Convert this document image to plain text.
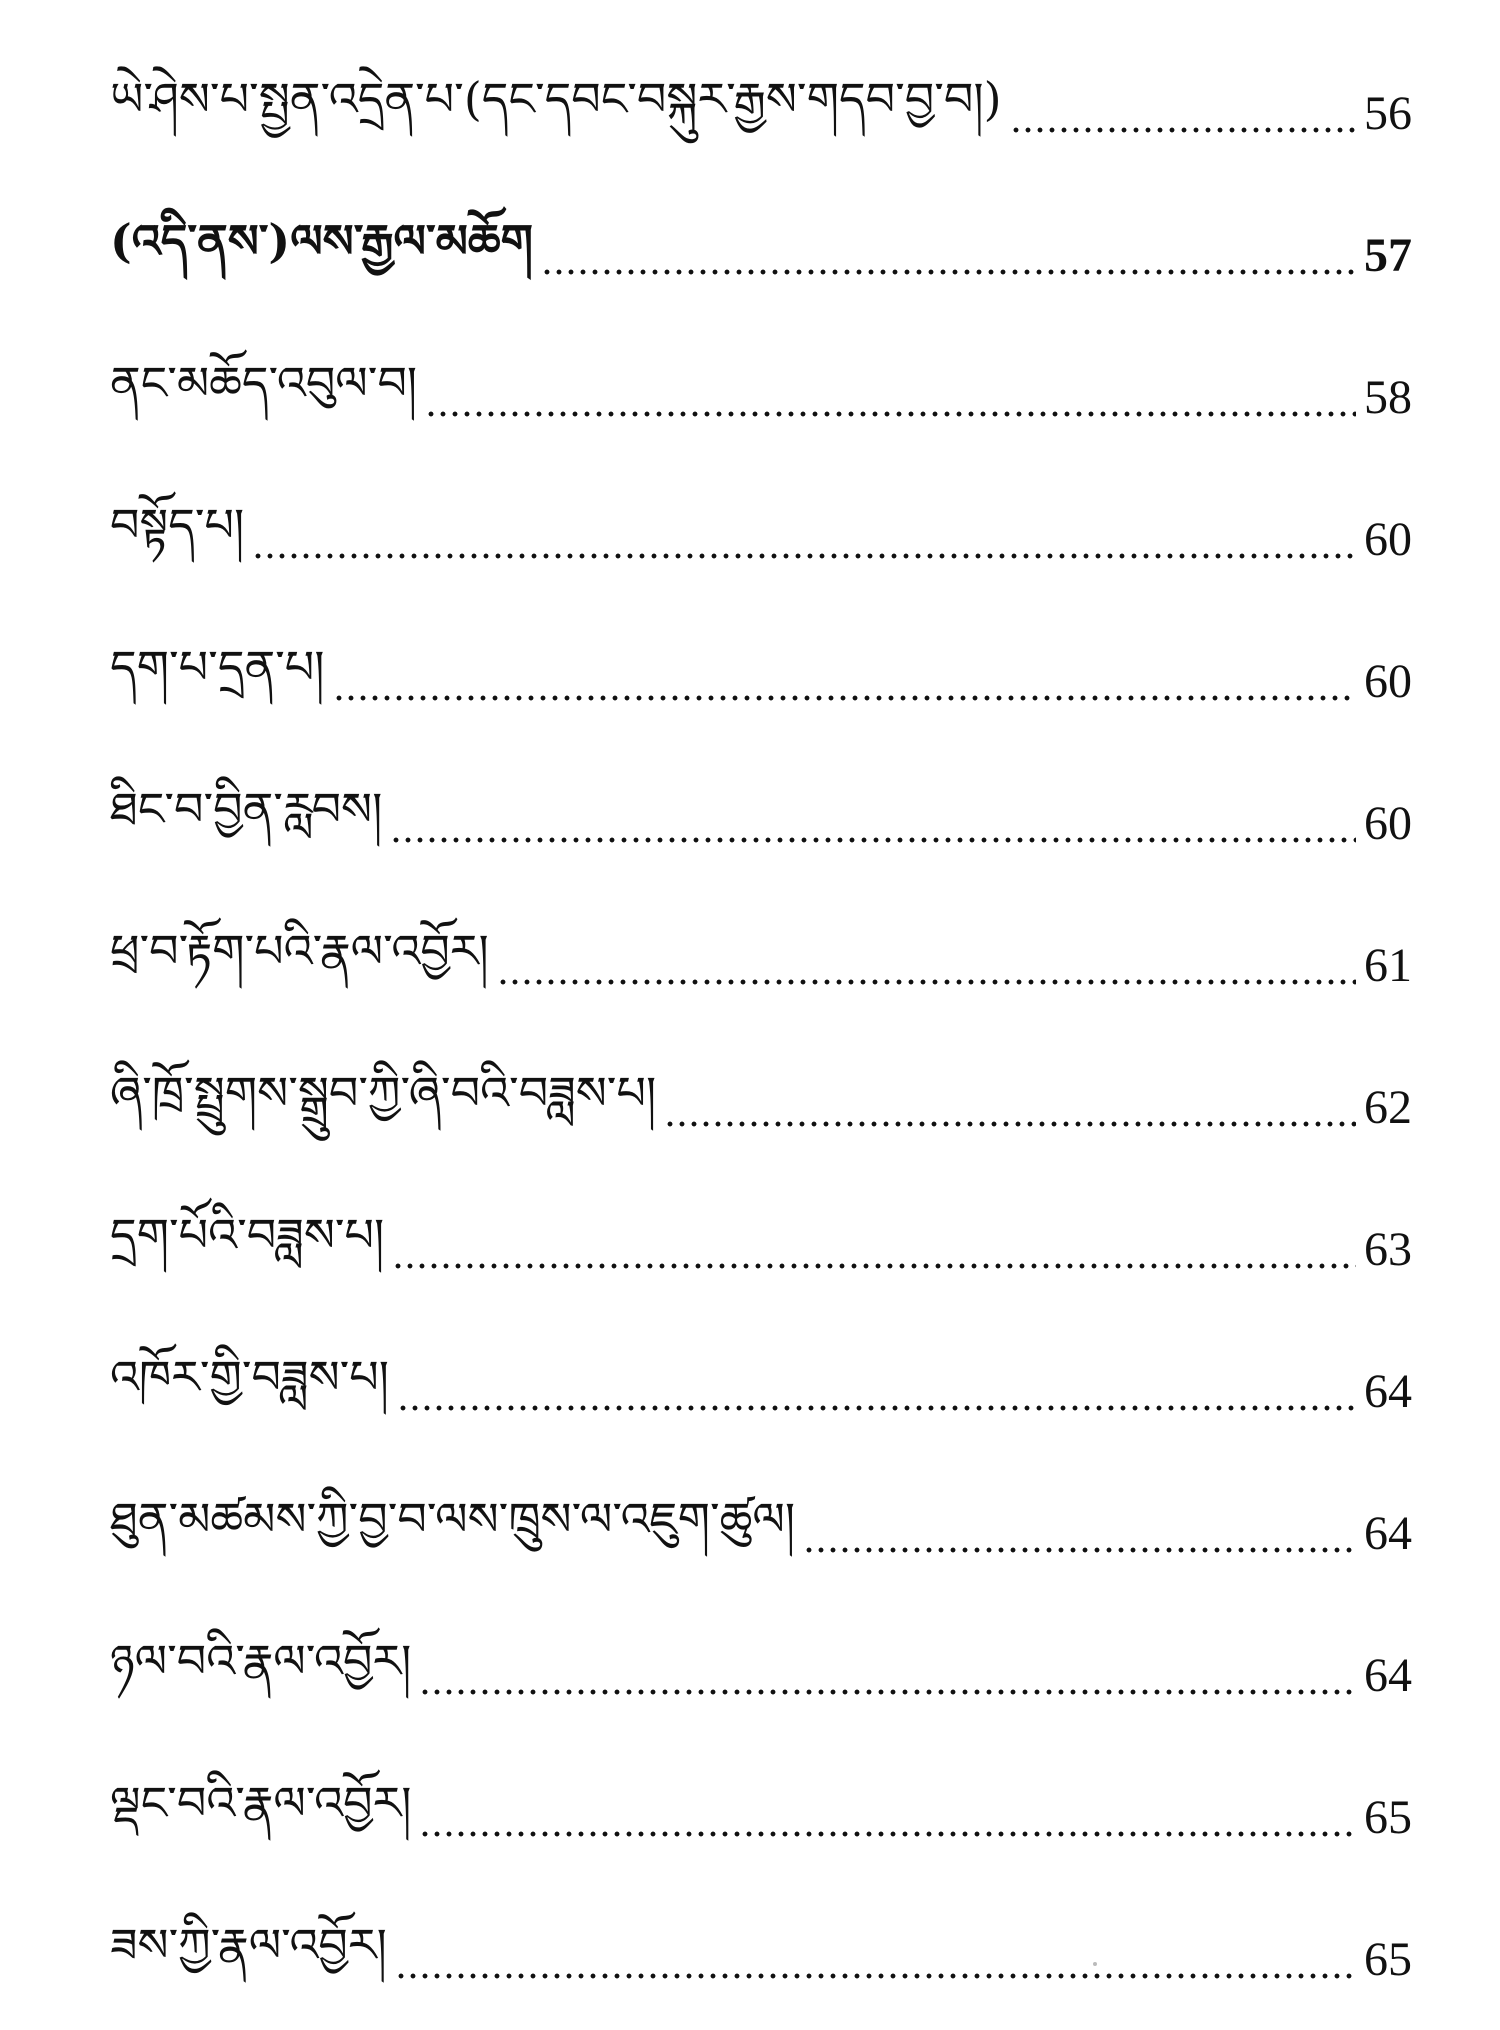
ཡེ་ཤེས་པ་སྤྱན་འདྲེན་པ་(དང་དབང་བསྐུར་རྒྱས་གདབ་བྱ་བ།)	56
(འདི་ནས་)ལས་རྒྱལ་མཆོག	57
ནང་མཆོད་འབུལ་བ།	58
བསྟོད་པ།	60
དག་པ་དྲན་པ།	60
ཐིང་བ་བྱིན་རླབས།	60
ཕྲ་བ་རྟོག་པའི་རྣལ་འབྱོར།	61
ཞི་ཁྲོ་སྤྲུགས་སྒྲུབ་ཀྱི་ཞི་བའི་བཟླས་པ།	62
དྲག་པོའི་བཟླས་པ།	63
འཁོར་གྱི་བཟླས་པ།	64
ཐུན་མཚམས་ཀྱི་བྱ་བ་ལས་ཁྲུས་ལ་འཇུག་ཚུལ།	64
ཉལ་བའི་རྣལ་འབྱོར།	64
ལྡང་བའི་རྣལ་འབྱོར།	65
ཟས་ཀྱི་རྣལ་འབྱོར།	65
